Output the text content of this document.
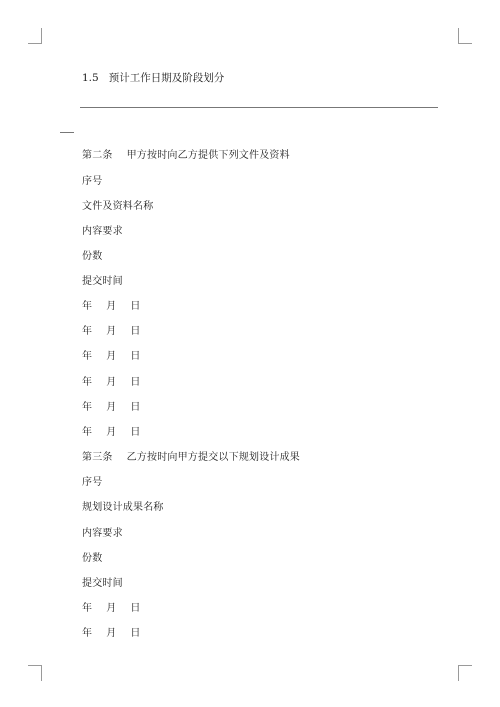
1.5 预计工作日期及阶段划分
第二条 甲方按时向乙方提供下列文件及资料
序号
文件及资料名称
内容要求
份数
提交时间
年 月 日
年 月 日
年 月 日
年 月 日
年 月 日
年 月 日
第三条 乙方按时向甲方提交以下规划设计成果
序号
规划设计成果名称
内容要求
份数
提交时间
年 月 日
年 月 日
